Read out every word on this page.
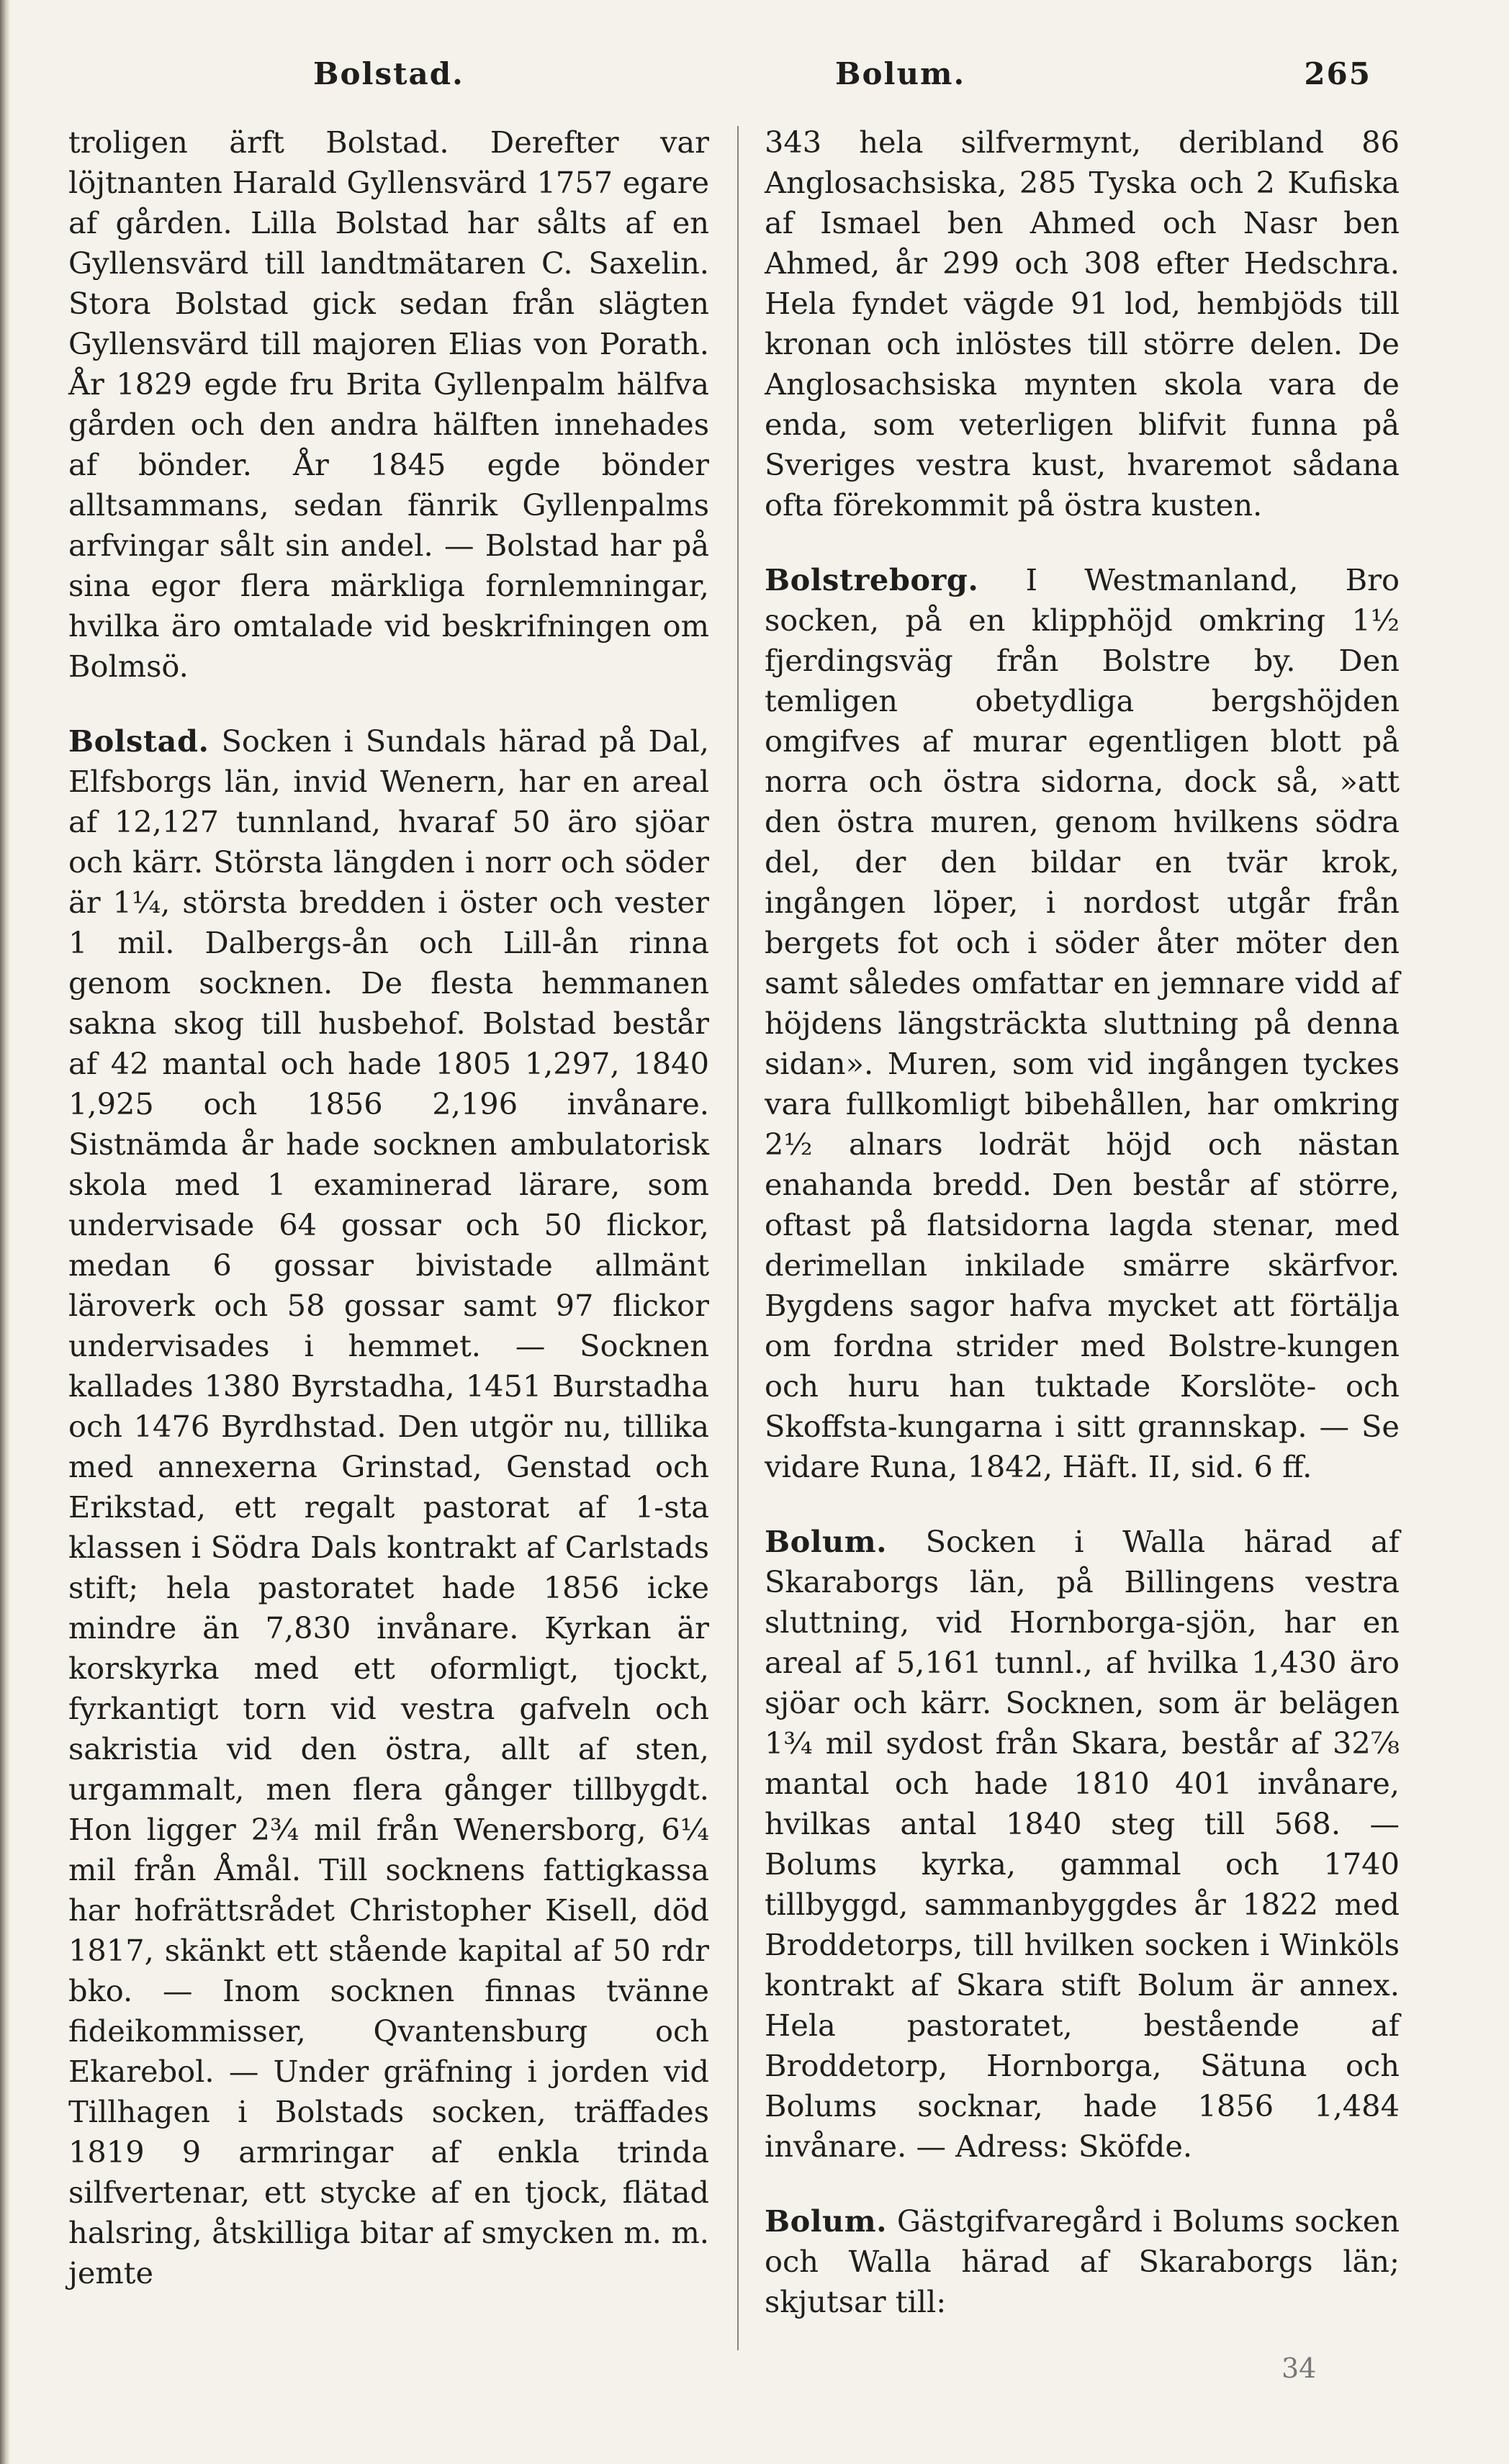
Bolstad.	Bolum.	265

troligen ärft Bolstad. Derefter var löjtnanten Harald Gyllensvärd 1757 egare af gården. Lilla Bolstad har sålts af en Gyllensvärd till landtmätaren C. Saxelin. Stora Bolstad gick sedan från slägten Gyllensvärd till majoren Elias von Porath. År 1829 egde fru Brita Gyllenpalm hälfva gården och den andra hälften innehades af bönder. År 1845 egde bönder alltsammans, sedan fänrik Gyllenpalms arfvingar sålt sin andel. — Bolstad har på sina egor flera märkliga fornlemningar, hvilka äro omtalade vid beskrifningen om Bolmsö.

Bolstad. Socken i Sundals härad på Dal, Elfsborgs län, invid Wenern, har en areal af 12,127 tunnland, hvaraf 50 äro sjöar och kärr. Största längden i norr och söder är 1¼, största bredden i öster och vester 1 mil. Dalbergs-ån och Lill-ån rinna genom socknen. De flesta hemmanen sakna skog till husbehof. Bolstad består af 42 mantal och hade 1805 1,297, 1840 1,925 och 1856 2,196 invånare. Sistnämda år hade socknen ambulatorisk skola med 1 examinerad lärare, som undervisade 64 gossar och 50 flickor, medan 6 gossar bivistade allmänt läroverk och 58 gossar samt 97 flickor undervisades i hemmet. — Socknen kallades 1380 Byrstadha, 1451 Burstadha och 1476 Byrdhstad. Den utgör nu, tillika med annexerna Grinstad, Genstad och Erikstad, ett regalt pastorat af 1-sta klassen i Södra Dals kontrakt af Carlstads stift; hela pastoratet hade 1856 icke mindre än 7,830 invånare. Kyrkan är korskyrka med ett oformligt, tjockt, fyrkantigt torn vid vestra gafveln och sakristia vid den östra, allt af sten, urgammalt, men flera gånger tillbygdt. Hon ligger 2¾ mil från Wenersborg, 6¼ mil från Åmål. Till socknens fattigkassa har hofrättsrådet Christopher Kisell, död 1817, skänkt ett stående kapital af 50 rdr bko. — Inom socknen finnas tvänne fideikommisser, Qvantensburg och Ekarebol. — Under gräfning i jorden vid Tillhagen i Bolstads socken, träffades 1819 9 armringar af enkla trinda silfvertenar, ett stycke af en tjock, flätad halsring, åtskilliga bitar af smycken m. m. jemte

343 hela silfvermynt, deribland 86 Anglosachsiska, 285 Tyska och 2 Kufiska af Ismael ben Ahmed och Nasr ben Ahmed, år 299 och 308 efter Hedschra. Hela fyndet vägde 91 lod, hembjöds till kronan och inlöstes till större delen. De Anglosachsiska mynten skola vara de enda, som veterligen blifvit funna på Sveriges vestra kust, hvaremot sådana ofta förekommit på östra kusten.

Bolstreborg. I Westmanland, Bro socken, på en klipphöjd omkring 1½ fjerdingsväg från Bolstre by. Den temligen obetydliga bergshöjden omgifves af murar egentligen blott på norra och östra sidorna, dock så, »att den östra muren, genom hvilkens södra del, der den bildar en tvär krok, ingången löper, i nordost utgår från bergets fot och i söder åter möter den samt således omfattar en jemnare vidd af höjdens längsträckta sluttning på denna sidan». Muren, som vid ingången tyckes vara fullkomligt bibehållen, har omkring 2½ alnars lodrät höjd och nästan enahanda bredd. Den består af större, oftast på flatsidorna lagda stenar, med derimellan inkilade smärre skärfvor. Bygdens sagor hafva mycket att förtälja om fordna strider med Bolstre-kungen och huru han tuktade Korslöte- och Skoffsta-kungarna i sitt grannskap. — Se vidare Runa, 1842, Häft. II, sid. 6 ff.

Bolum. Socken i Walla härad af Skaraborgs län, på Billingens vestra sluttning, vid Hornborga-sjön, har en areal af 5,161 tunnl., af hvilka 1,430 äro sjöar och kärr. Socknen, som är belägen 1¾ mil sydost från Skara, består af 32⅞ mantal och hade 1810 401 invånare, hvilkas antal 1840 steg till 568. — Bolums kyrka, gammal och 1740 tillbyggd, sammanbyggdes år 1822 med Broddetorps, till hvilken socken i Winköls kontrakt af Skara stift Bolum är annex. Hela pastoratet, bestående af Broddetorp, Hornborga, Sätuna och Bolums socknar, hade 1856 1,484 invånare. — Adress: Sköfde.

Bolum. Gästgifvaregård i Bolums socken och Walla härad af Skaraborgs län; skjutsar till:

34
